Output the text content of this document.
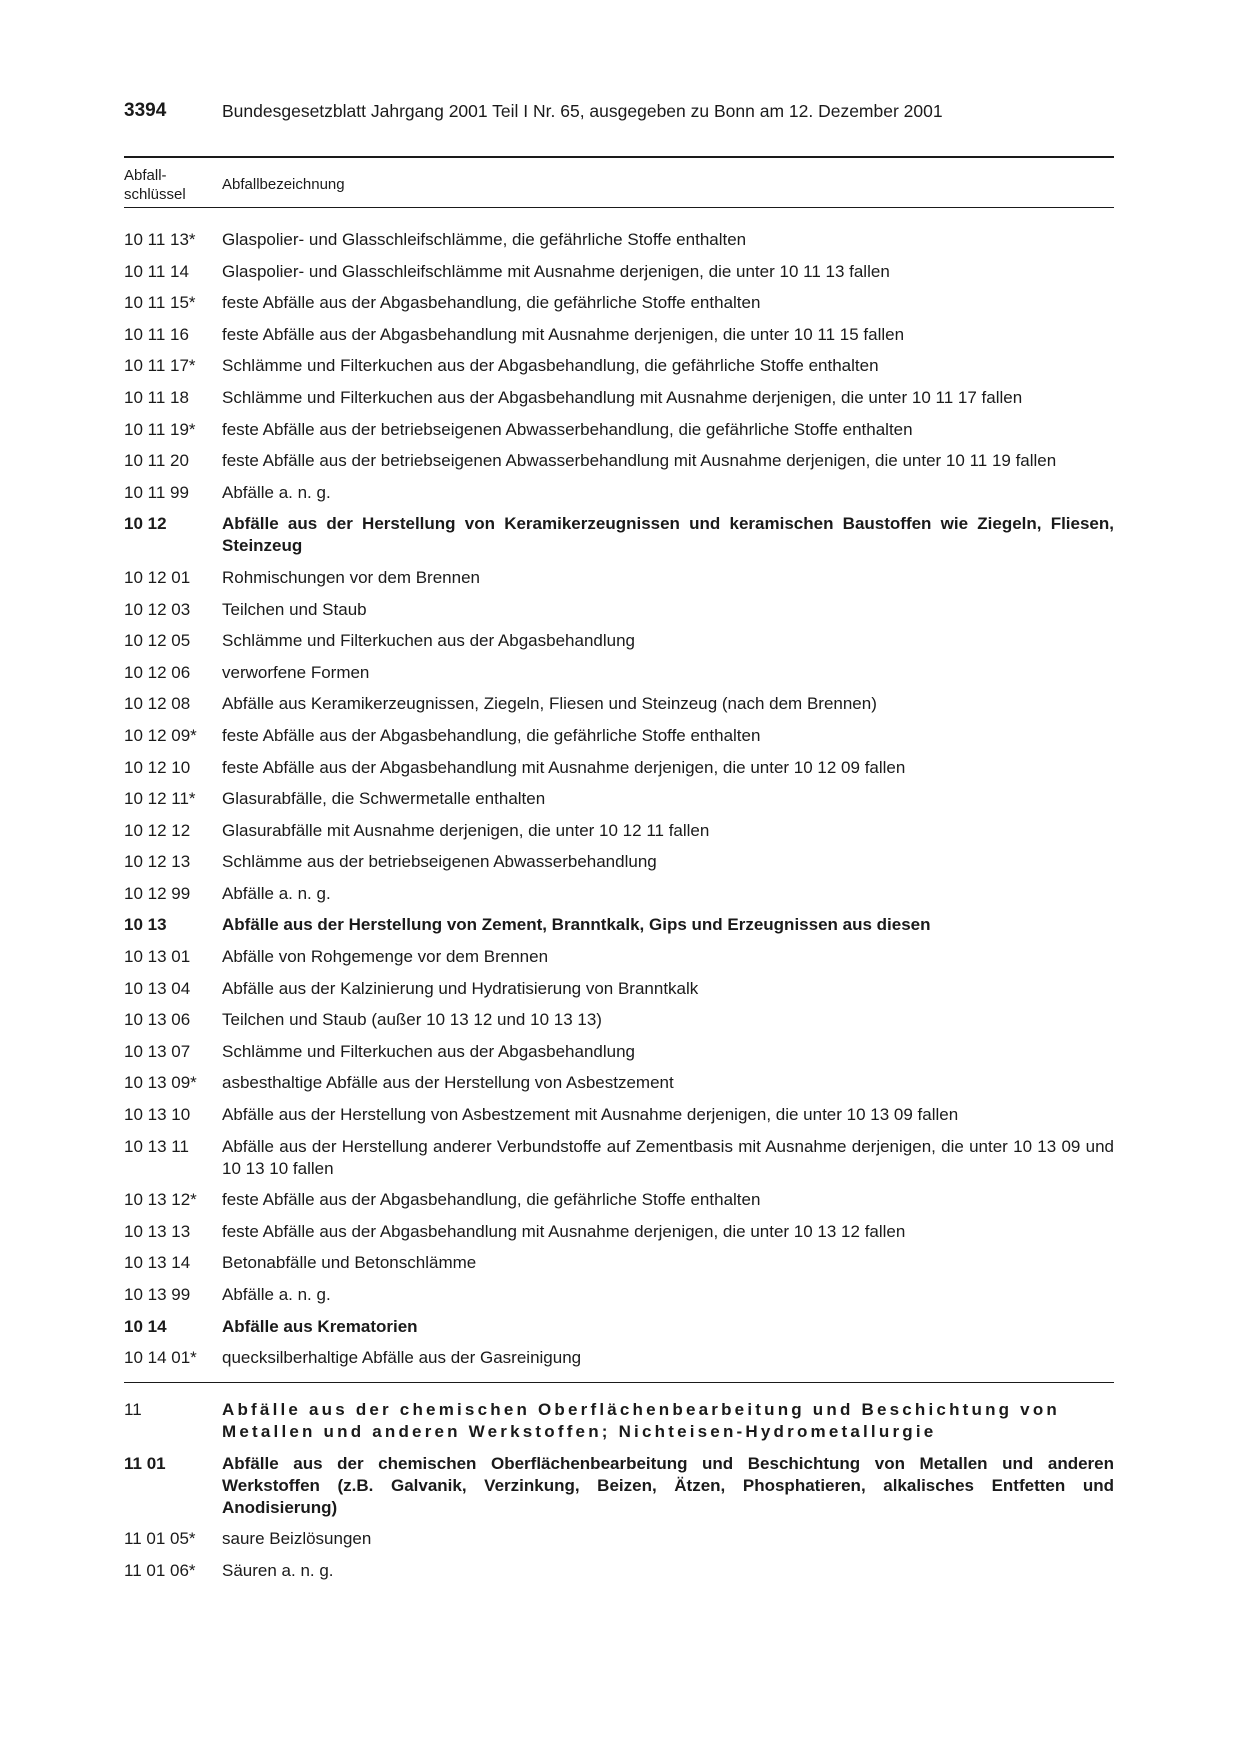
3394	Bundesgesetzblatt Jahrgang 2001 Teil I Nr. 65, ausgegeben zu Bonn am 12. Dezember 2001
Abfall-
schlüssel
Abfallbezeichnung
10 11 13*	Glaspolier- und Glasschleifschlämme, die gefährliche Stoffe enthalten
10 11 14	Glaspolier- und Glasschleifschlämme mit Ausnahme derjenigen, die unter 10 11 13 fallen
10 11 15*	feste Abfälle aus der Abgasbehandlung, die gefährliche Stoffe enthalten
10 11 16	feste Abfälle aus der Abgasbehandlung mit Ausnahme derjenigen, die unter 10 11 15 fallen
10 11 17*	Schlämme und Filterkuchen aus der Abgasbehandlung, die gefährliche Stoffe enthalten
10 11 18	Schlämme und Filterkuchen aus der Abgasbehandlung mit Ausnahme derjenigen, die unter 10 11 17 fallen
10 11 19*	feste Abfälle aus der betriebseigenen Abwasserbehandlung, die gefährliche Stoffe enthalten
10 11 20	feste Abfälle aus der betriebseigenen Abwasserbehandlung mit Ausnahme derjenigen, die unter 10 11 19 fallen
10 11 99	Abfälle a. n. g.
10 12	Abfälle aus der Herstellung von Keramikerzeugnissen und keramischen Baustoffen wie Ziegeln, Fliesen, Steinzeug
10 12 01	Rohmischungen vor dem Brennen
10 12 03	Teilchen und Staub
10 12 05	Schlämme und Filterkuchen aus der Abgasbehandlung
10 12 06	verworfene Formen
10 12 08	Abfälle aus Keramikerzeugnissen, Ziegeln, Fliesen und Steinzeug (nach dem Brennen)
10 12 09*	feste Abfälle aus der Abgasbehandlung, die gefährliche Stoffe enthalten
10 12 10	feste Abfälle aus der Abgasbehandlung mit Ausnahme derjenigen, die unter 10 12 09 fallen
10 12 11*	Glasurabfälle, die Schwermetalle enthalten
10 12 12	Glasurabfälle mit Ausnahme derjenigen, die unter 10 12 11 fallen
10 12 13	Schlämme aus der betriebseigenen Abwasserbehandlung
10 12 99	Abfälle a. n. g.
10 13	Abfälle aus der Herstellung von Zement, Branntkalk, Gips und Erzeugnissen aus diesen
10 13 01	Abfälle von Rohgemenge vor dem Brennen
10 13 04	Abfälle aus der Kalzinierung und Hydratisierung von Branntkalk
10 13 06	Teilchen und Staub (außer 10 13 12 und 10 13 13)
10 13 07	Schlämme und Filterkuchen aus der Abgasbehandlung
10 13 09*	asbesthaltige Abfälle aus der Herstellung von Asbestzement
10 13 10	Abfälle aus der Herstellung von Asbestzement mit Ausnahme derjenigen, die unter 10 13 09 fallen
10 13 11	Abfälle aus der Herstellung anderer Verbundstoffe auf Zementbasis mit Ausnahme derjenigen, die unter 10 13 09 und 10 13 10 fallen
10 13 12*	feste Abfälle aus der Abgasbehandlung, die gefährliche Stoffe enthalten
10 13 13	feste Abfälle aus der Abgasbehandlung mit Ausnahme derjenigen, die unter 10 13 12 fallen
10 13 14	Betonabfälle und Betonschlämme
10 13 99	Abfälle a. n. g.
10 14	Abfälle aus Krematorien
10 14 01*	quecksilberhaltige Abfälle aus der Gasreinigung
11	Abfälle aus der chemischen Oberflächenbearbeitung und Beschichtung von Metallen und anderen Werkstoffen; Nichteisen-Hydrometallurgie
11 01	Abfälle aus der chemischen Oberflächenbearbeitung und Beschichtung von Metallen und anderen Werkstoffen (z.B. Galvanik, Verzinkung, Beizen, Ätzen, Phosphatieren, alkalisches Entfetten und Anodisierung)
11 01 05*	saure Beizlösungen
11 01 06*	Säuren a. n. g.
